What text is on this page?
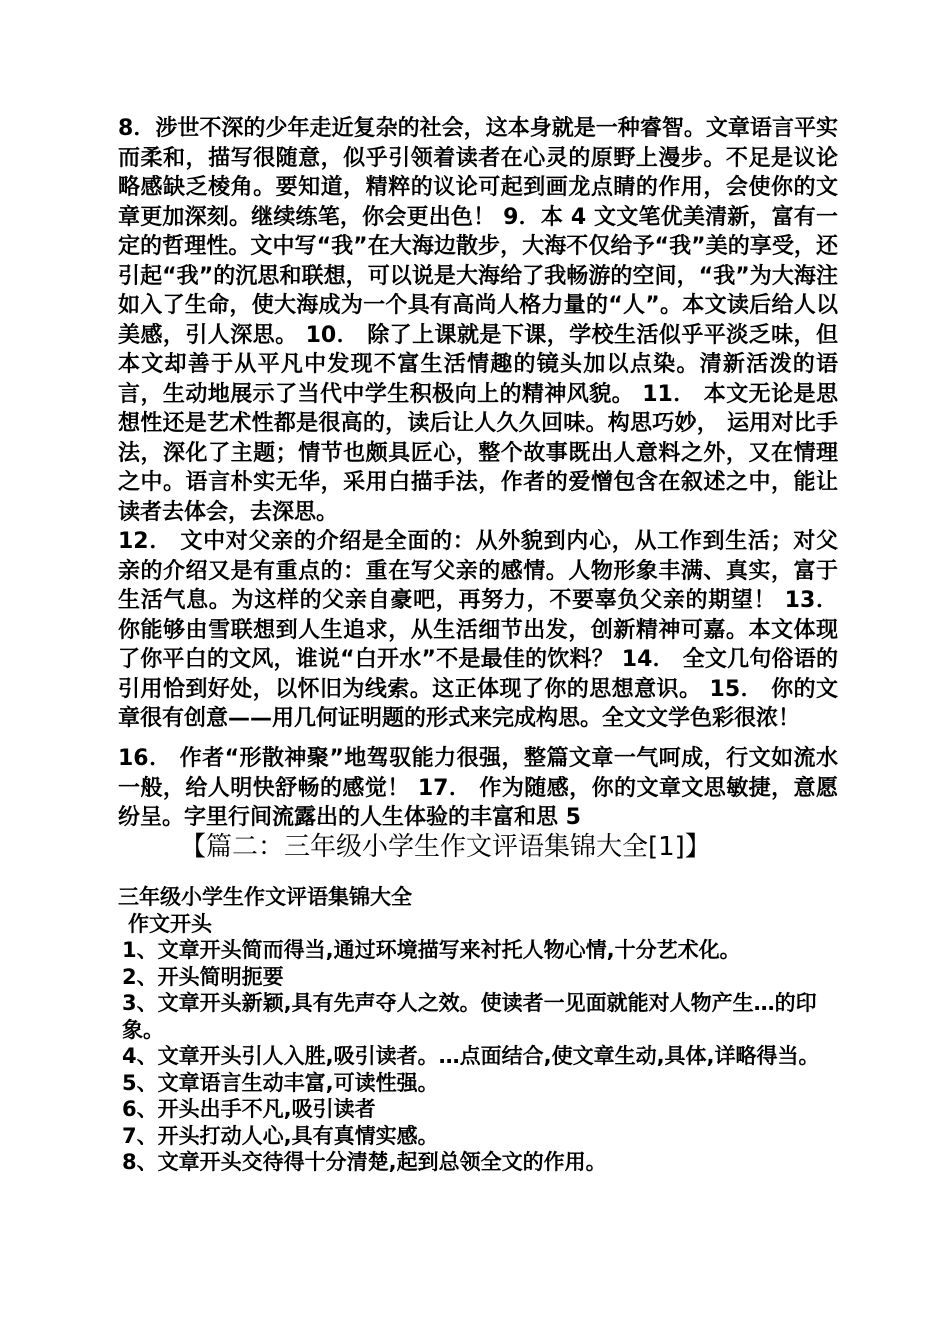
8．涉世不深的少年走近复杂的社会，这本身就是一种睿智。文章语言平实而柔和，描写很随意，似乎引领着读者在心灵的原野上漫步。不足是议论略感缺乏棱角。要知道，精粹的议论可起到画龙点睛的作用，会使你的文章更加深刻。继续练笔，你会更出色！ 9．本 4 文文笔优美清新，富有一定的哲理性。文中写“我”在大海边散步，大海不仅给予“我”美的享受，还引起“我”的沉思和联想，可以说是大海给了我畅游的空间，“我”为大海注如入了生命，使大海成为一个具有高尚人格力量的“人”。本文读后给人以美感，引人深思。 10． 除了上课就是下课，学校生活似乎平淡乏味，但本文却善于从平凡中发现不富生活情趣的镜头加以点染。清新活泼的语言，生动地展示了当代中学生积极向上的精神风貌。 11． 本文无论是思想性还是艺术性都是很高的，读后让人久久回味。构思巧妙， 运用对比手法，深化了主题；情节也颇具匠心，整个故事既出人意料之外，又在情理之中。语言朴实无华，采用白描手法，作者的爱憎包含在叙述之中，能让读者去体会，去深思。

12． 文中对父亲的介绍是全面的：从外貌到内心，从工作到生活；对父亲的介绍又是有重点的：重在写父亲的感情。人物形象丰满、真实，富于生活气息。为这样的父亲自豪吧，再努力，不要辜负父亲的期望！ 13． 你能够由雪联想到人生追求，从生活细节出发，创新精神可嘉。本文体现了你平白的文风，谁说“白开水”不是最佳的饮料？ 14． 全文几句俗语的引用恰到好处，以怀旧为线索。这正体现了你的思想意识。 15． 你的文章很有创意——用几何证明题的形式来完成构思。全文文学色彩很浓！

16． 作者“形散神聚”地驾驭能力很强，整篇文章一气呵成，行文如流水一般，给人明快舒畅的感觉！ 17． 作为随感，你的文章文思敏捷，意愿纷呈。字里行间流露出的人生体验的丰富和思 5

【篇二：三年级小学生作文评语集锦大全[1]】
三年级小学生作文评语集锦大全
作文开头
1、文章开头简而得当,通过环境描写来衬托人物心情,十分艺术化。
2、开头简明扼要
3、文章开头新颖,具有先声夺人之效。使读者一见面就能对人物产生…的印象。
4、文章开头引人入胜,吸引读者。…点面结合,使文章生动,具体,详略得当。
5、文章语言生动丰富,可读性强。
6、开头出手不凡,吸引读者
7、开头打动人心,具有真情实感。
8、文章开头交待得十分清楚,起到总领全文的作用。
